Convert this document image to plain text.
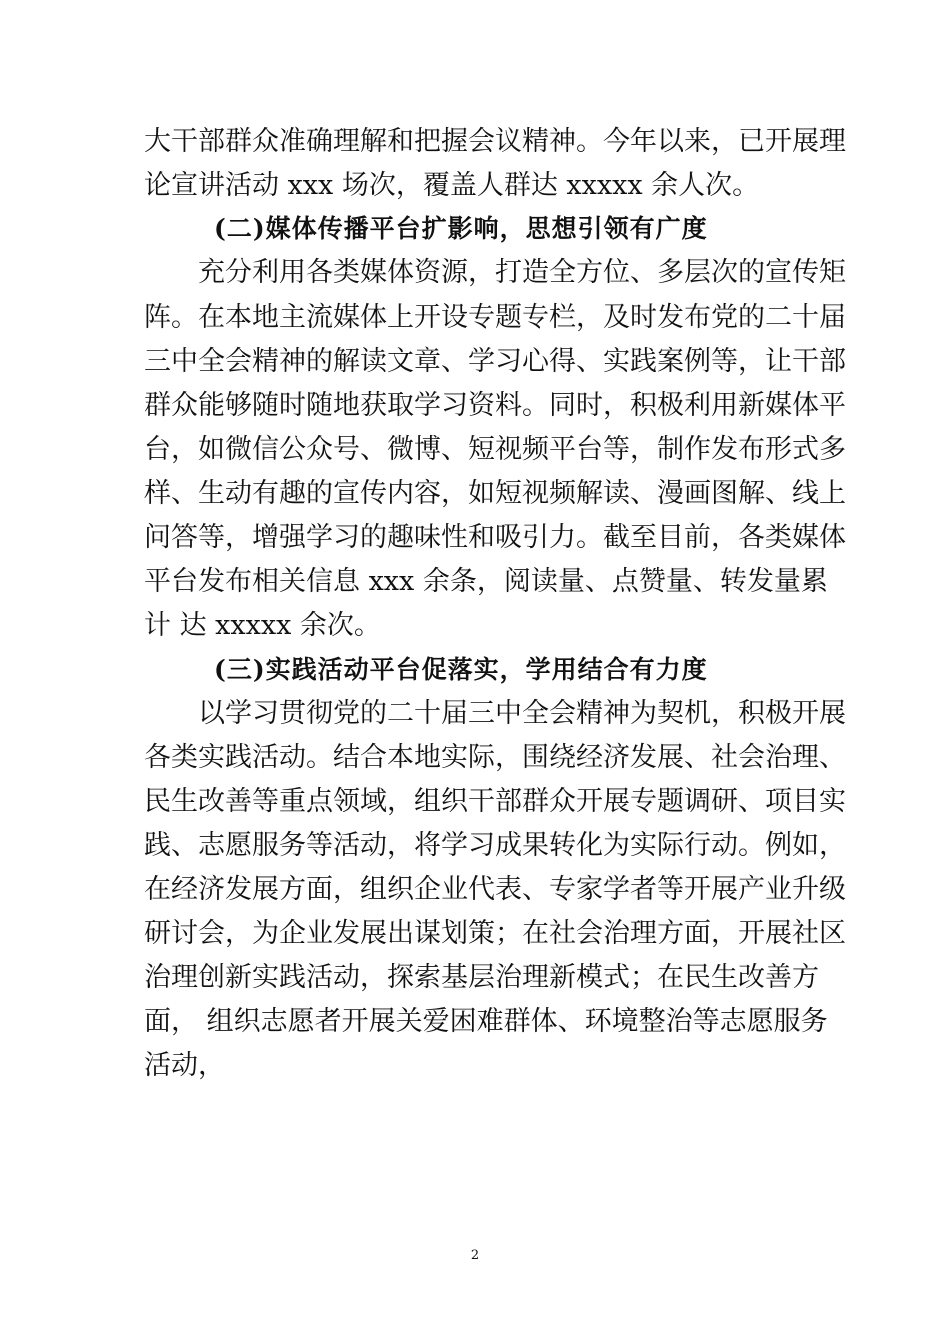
大干部群众准确理解和把握会议精神。今年以来，已开展理

论宣讲活动 xxx 场次，覆盖人群达 xxxxx 余人次。

(二)媒体传播平台扩影响，思想引领有广度

充分利用各类媒体资源，打造全方位、多层次的宣传矩

阵。在本地主流媒体上开设专题专栏，及时发布党的二十届

三中全会精神的解读文章、学习心得、实践案例等，让干部

群众能够随时随地获取学习资料。同时，积极利用新媒体平

台，如微信公众号、微博、短视频平台等，制作发布形式多

样、生动有趣的宣传内容，如短视频解读、漫画图解、线上

问答等，增强学习的趣味性和吸引力。截至目前，各类媒体

平台发布相关信息 xxx 余条，阅读量、点赞量、转发量累

计 达 xxxxx 余次。

(三)实践活动平台促落实，学用结合有力度

以学习贯彻党的二十届三中全会精神为契机，积极开展

各类实践活动。结合本地实际，围绕经济发展、社会治理、

民生改善等重点领域，组织干部群众开展专题调研、项目实

践、志愿服务等活动，将学习成果转化为实际行动。例如，

在经济发展方面，组织企业代表、专家学者等开展产业升级

研讨会，为企业发展出谋划策；在社会治理方面，开展社区

治理创新实践活动，探索基层治理新模式；在民生改善方

面， 组织志愿者开展关爱困难群体、环境整治等志愿服务

活动，

2
